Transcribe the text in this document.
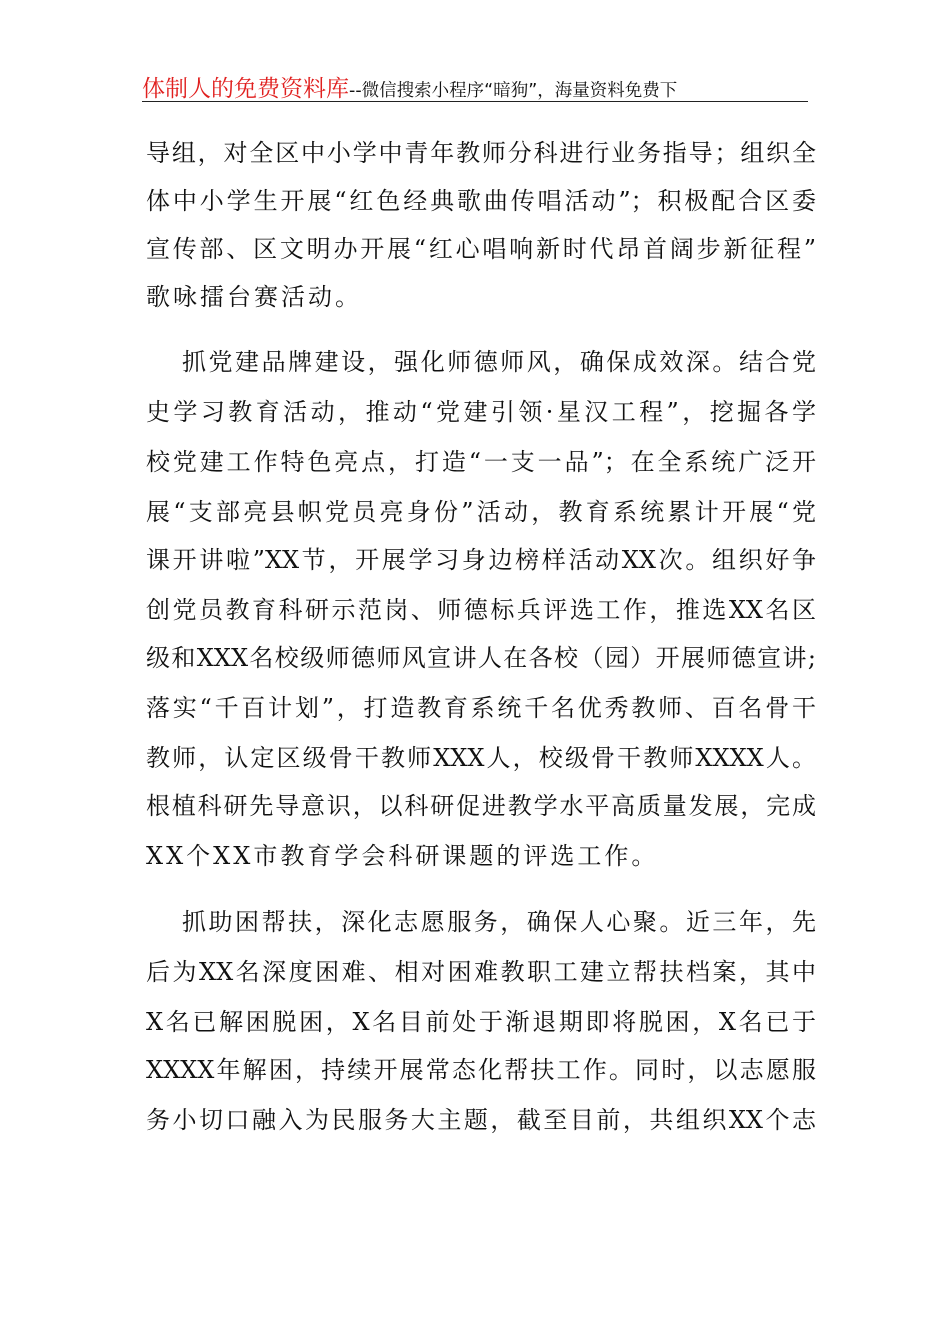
体制人的免费资料库--微信搜索小程序“暗狗”，海量资料免费下
导组，对全区中小学中青年教师分科进行业务指导；组织全
体中小学生开展“红色经典歌曲传唱活动”；积极配合区委
宣传部、区文明办开展“红心唱响新时代昂首阔步新征程”
歌咏擂台赛活动。
抓党建品牌建设，强化师德师风，确保成效深。结合党
史学习教育活动，推动“党建引领·星汉工程”，挖掘各学
校党建工作特色亮点，打造“一支一品”；在全系统广泛开
展“支部亮县帜党员亮身份”活动，教育系统累计开展“党
课开讲啦”XX节，开展学习身边榜样活动XX次。组织好争
创党员教育科研示范岗、师德标兵评选工作，推选XX名区
级和XXX名校级师德师风宣讲人在各校（园）开展师德宣讲;
落实“千百计划”，打造教育系统千名优秀教师、百名骨干
教师，认定区级骨干教师XXX人，校级骨干教师XXXX人。
根植科研先导意识，以科研促进教学水平高质量发展，完成
XX个XX市教育学会科研课题的评选工作。
抓助困帮扶，深化志愿服务，确保人心聚。近三年，先
后为XX名深度困难、相对困难教职工建立帮扶档案，其中
X名已解困脱困，X名目前处于渐退期即将脱困，X名已于
XXXX年解困，持续开展常态化帮扶工作。同时，以志愿服
务小切口融入为民服务大主题，截至目前，共组织XX个志
